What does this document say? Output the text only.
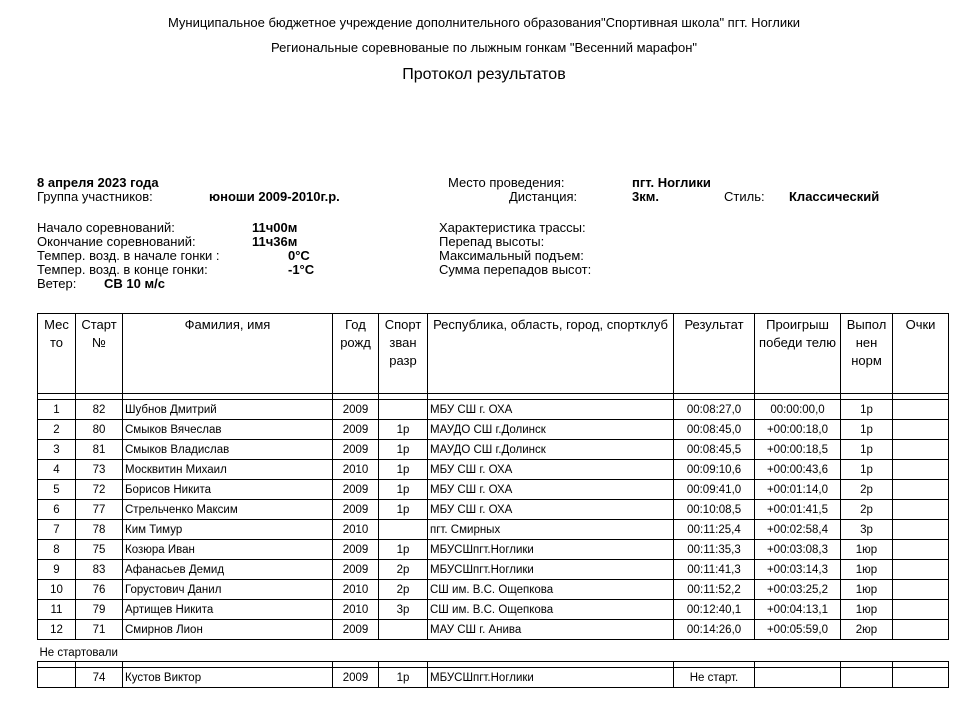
Муниципальное бюджетное учреждение дополнительного образования"Спортивная школа" пгт. Ноглики
Региональные соревнованые по лыжным гонкам "Весенний марафон"
Протокол результатов
8 апреля 2023 года
Группа участников:	юноши 2009-2010г.р.
Начало соревнований:	11ч00м
Окончание соревнований:	11ч36м
Темпер. возд. в начале гонки :	0°С
Темпер. возд. в конце гонки:	-1°С
Ветер: СВ 10 м/с
Место проведения:	пгт. Ноглики
Дистанция:	3км.	Стиль: Классический
Характеристика трассы:
Перепад высоты:
Максимальный подъем:
Сумма перепадов высот:
Мес то	Старт №	Фамилия, имя	Год рожд	Спорт зван разр	Республика, область, город, спортклуб	Результат	Проигрыш победи телю	Выпол нен норм	Очки

1	82	Шубнов Дмитрий	2009		МБУ СШ г. ОХА	00:08:27,0	00:00:00,0	1р	
2	80	Смыков Вячеслав	2009	1р	МАУДО СШ г.Долинск	00:08:45,0	+00:00:18,0	1р	
3	81	Смыков Владислав	2009	1р	МАУДО СШ г.Долинск	00:08:45,5	+00:00:18,5	1р	
4	73	Москвитин Михаил	2010	1р	МБУ СШ г. ОХА	00:09:10,6	+00:00:43,6	1р	
5	72	Борисов Никита	2009	1р	МБУ СШ г. ОХА	00:09:41,0	+00:01:14,0	2р	
6	77	Стрельченко Максим	2009	1р	МБУ СШ г. ОХА	00:10:08,5	+00:01:41,5	2р	
7	78	Ким Тимур	2010		пгт. Смирных	00:11:25,4	+00:02:58,4	3р	
8	75	Козюра Иван	2009	1р	МБУСШпгт.Ноглики	00:11:35,3	+00:03:08,3	1юр	
9	83	Афанасьев Демид	2009	2р	МБУСШпгт.Ноглики	00:11:41,3	+00:03:14,3	1юр	
10	76	Горустович Данил	2010	2р	СШ им. В.С. Ощепкова	00:11:52,2	+00:03:25,2	1юр	
11	79	Артищев Никита	2010	3р	СШ им. В.С. Ощепкова	00:12:40,1	+00:04:13,1	1юр	
12	71	Смирнов Лион	2009		МАУ СШ г. Анива	00:14:26,0	+00:05:59,0	2юр	
Не стартовали									

	74	Кустов Виктор	2009	1р	МБУСШпгт.Ноглики	Не старт.			
